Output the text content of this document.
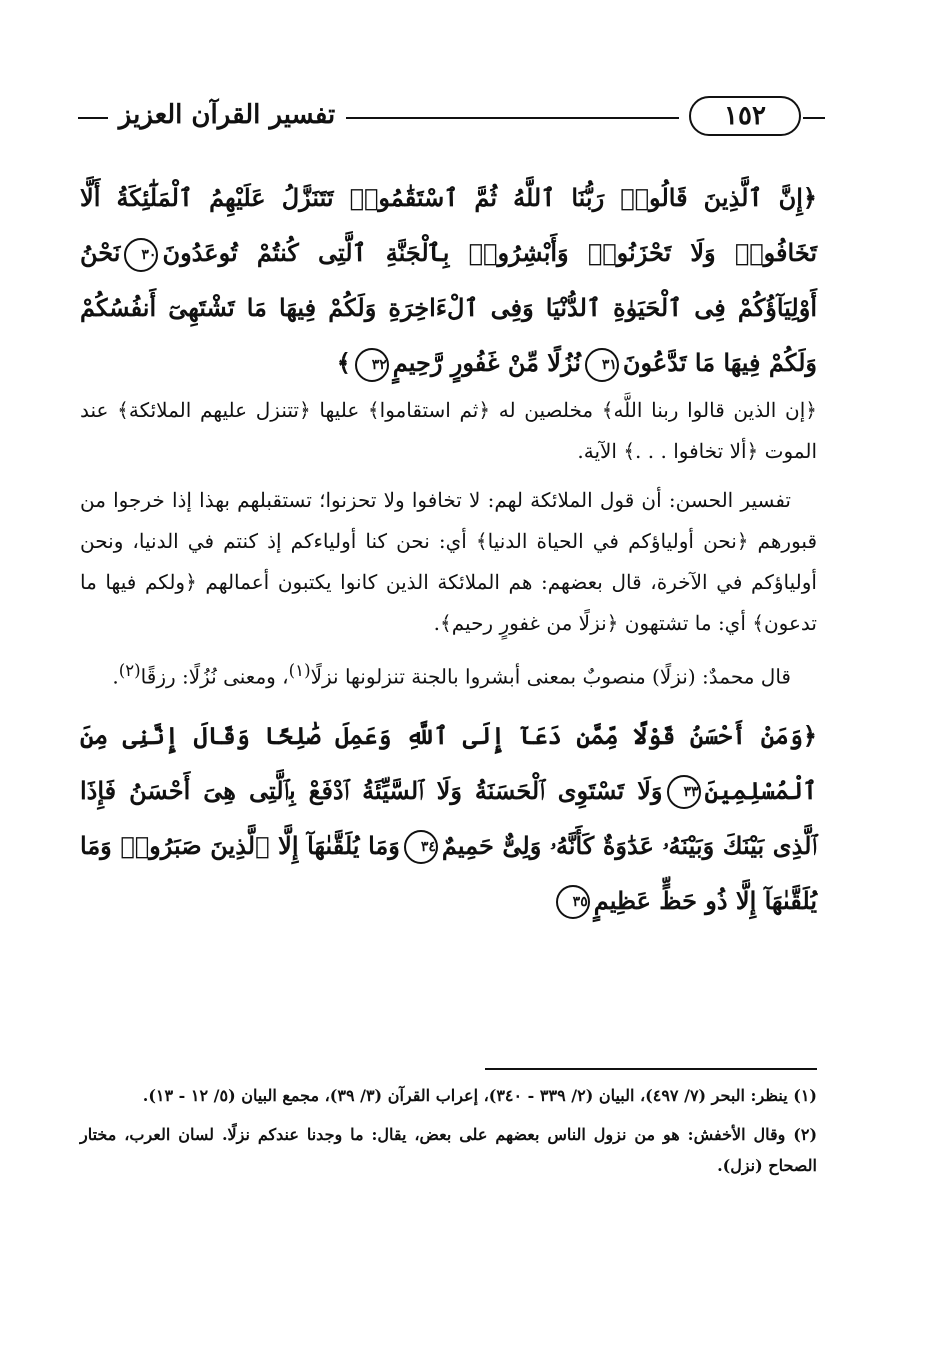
تفسير القرآن العزيز	١٥٢
﴿إِنَّ ٱلَّذِينَ قَالُوا۟ رَبُّنَا ٱللَّهُ ثُمَّ ٱسْتَقَٰمُوا۟ تَتَنَزَّلُ عَلَيْهِمُ ٱلْمَلَٰٓئِكَةُ أَلَّا تَخَافُوا۟ وَلَا تَحْزَنُوا۟ وَأَبْشِرُوا۟ بِٱلْجَنَّةِ ٱلَّتِى كُنتُمْ تُوعَدُونَ٣٠نَحْنُ أَوْلِيَآؤُكُمْ فِى ٱلْحَيَوٰةِ ٱلدُّنْيَا وَفِى ٱلْءَاخِرَةِ وَلَكُمْ فِيهَا مَا تَشْتَهِىٓ أَنفُسُكُمْ وَلَكُمْ فِيهَا مَا تَدَّعُونَ٣١نُزُلًا مِّنْ غَفُورٍ رَّحِيمٍ٣٢﴾

﴿إن الذين قالوا ربنا اللَّه﴾ مخلصين له ﴿ثم استقاموا﴾ عليها ﴿تتنزل عليهم الملائكة﴾ عند الموت ﴿ألا تخافوا . . .﴾ الآية.

تفسير الحسن: أن قول الملائكة لهم: لا تخافوا ولا تحزنوا؛ تستقبلهم بهذا إذا خرجوا من قبورهم ﴿نحن أولياؤكم في الحياة الدنيا﴾ أي: نحن كنا أولياءكم إذ كنتم في الدنيا، ونحن أولياؤكم في الآخرة، قال بعضهم: هم الملائكة الذين كانوا يكتبون أعمالهم ﴿ولكم فيها ما تدعون﴾ أي: ما تشتهون ﴿نزلًا من غفورٍ رحيم﴾.

قال محمدٌ: (نزلًا) منصوبٌ بمعنى أبشروا بالجنة تنزلونها نزلًا$^{(١)}$، ومعنى نُزُلًا: رزقًا$^{(٢)}$.

﴿وَمَنْ أَحْسَنُ قَوْلًا مِّمَّن دَعَآ إِلَى ٱللَّهِ وَعَمِلَ صَٰلِحًا وَقَالَ إِنَّنِى مِنَ ٱلْمُسْلِمِينَ٣٣وَلَا تَسْتَوِى ٱلْحَسَنَةُ وَلَا ٱلسَّيِّئَةُ ٱدْفَعْ بِٱلَّتِى هِىَ أَحْسَنُ فَإِذَا ٱلَّذِى بَيْنَكَ وَبَيْنَهُۥ عَدَٰوَةٌ كَأَنَّهُۥ وَلِىٌّ حَمِيمٌ٣٤وَمَا يُلَقَّىٰهَآ إِلَّا ٱلَّذِينَ صَبَرُوا۟ وَمَا يُلَقَّىٰهَآ إِلَّا ذُو حَظٍّ عَظِيمٍ٣٥

(١) ينظر: البحر (٧/ ٤٩٧)، البيان (٢/ ٣٣٩ - ٣٤٠)، إعراب القرآن (٣/ ٣٩)، مجمع البيان (٥/ ١٢ - ١٣).

(٢) وقال الأخفش: هو من نزول الناس بعضهم على بعض، يقال: ما وجدنا عندكم نزلًا. لسان العرب، مختار الصحاح (نزل).
